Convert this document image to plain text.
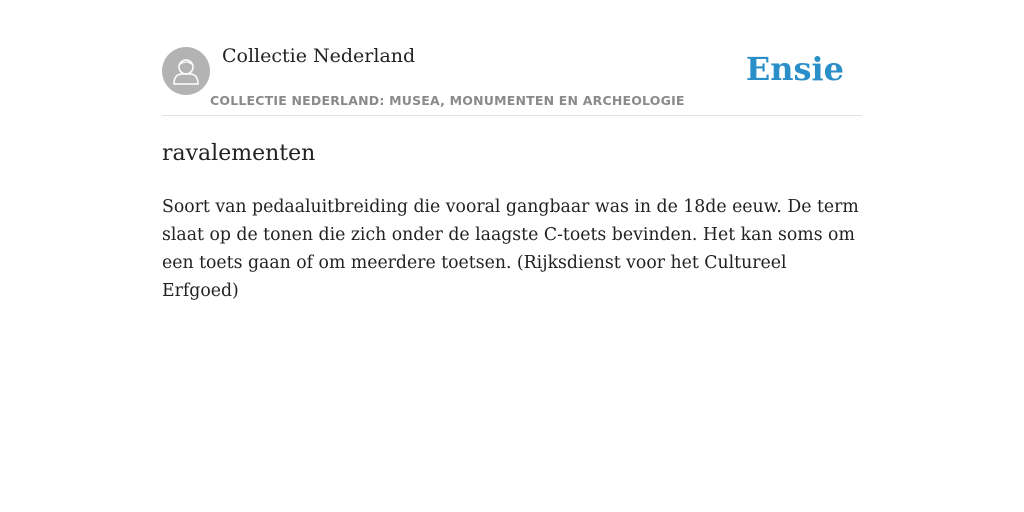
Collectie Nederland
COLLECTIE NEDERLAND: MUSEA, MONUMENTEN EN ARCHEOLOGIE
Ensie
ravalementen

Soort van pedaaluitbreiding die vooral gangbaar was in de 18de eeuw. De term slaat op de tonen die zich onder de laagste C-toets bevinden. Het kan soms om een toets gaan of om meerdere toetsen. (Rijksdienst voor het Cultureel Erfgoed)
